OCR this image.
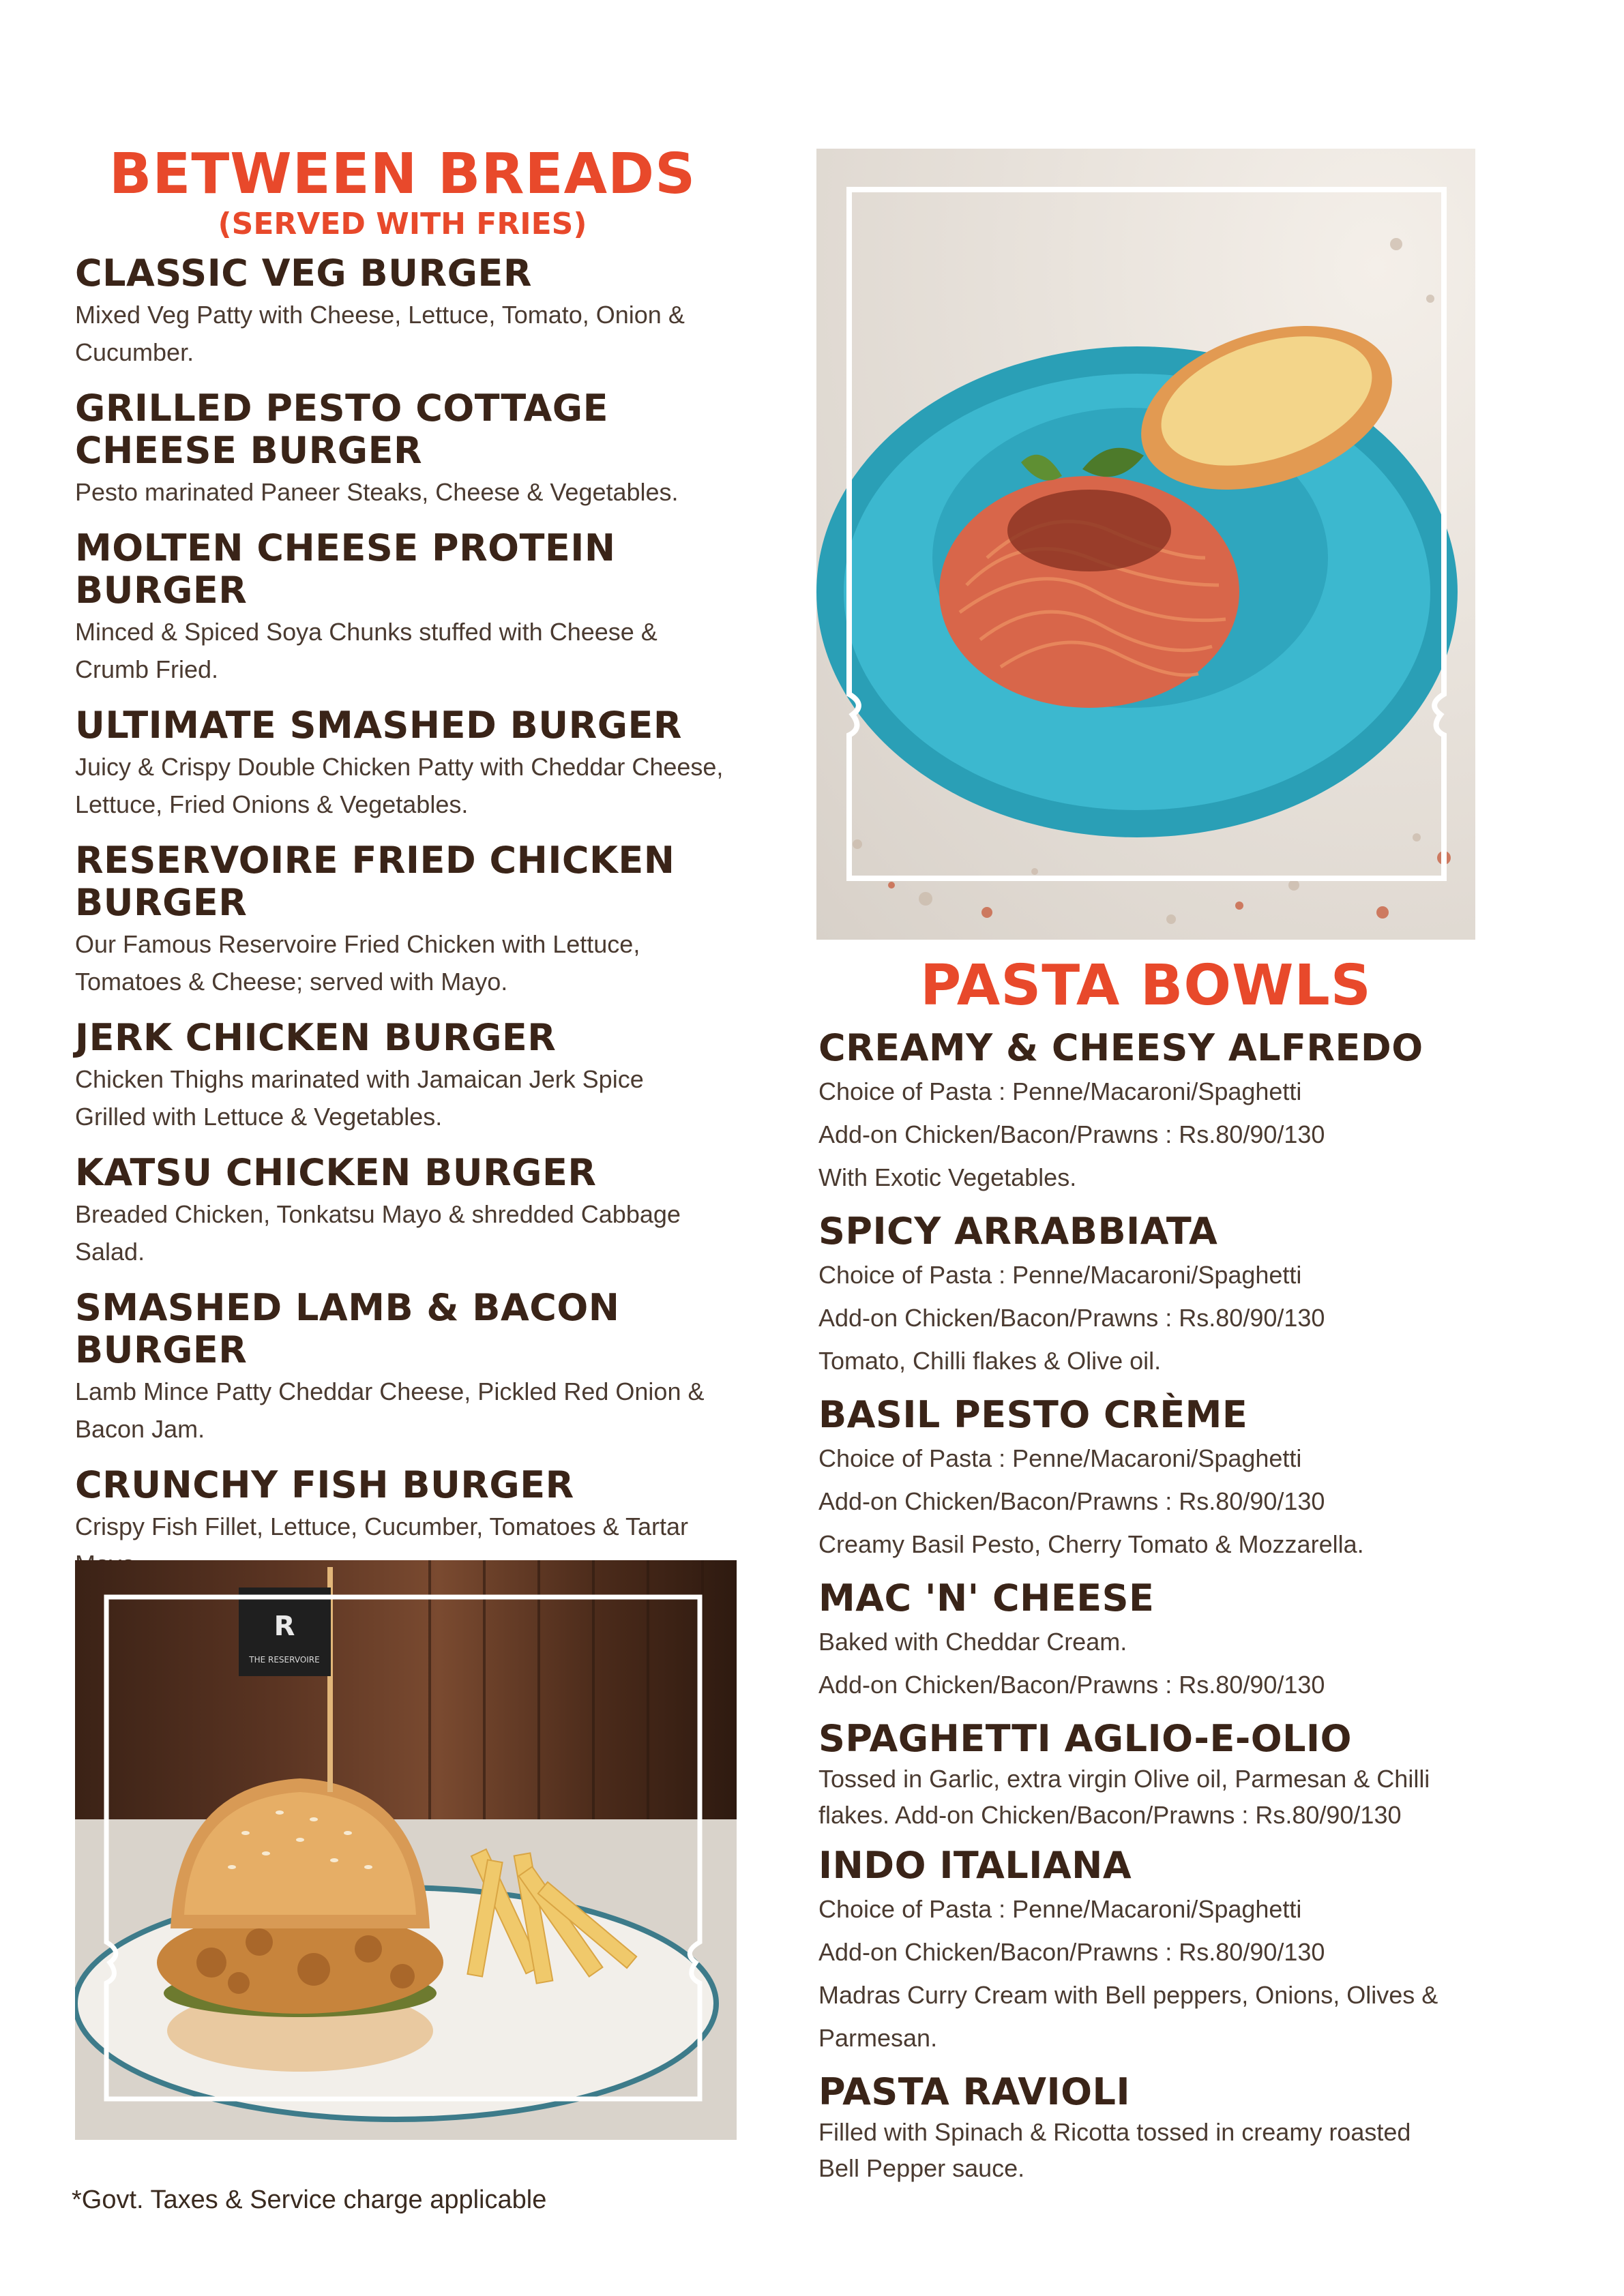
BETWEEN BREADS
(SERVED WITH FRIES)
CLASSIC VEG BURGER
Mixed Veg Patty with Cheese, Lettuce, Tomato, Onion &
Cucumber.
GRILLED PESTO COTTAGE CHEESE BURGER
Pesto marinated Paneer Steaks, Cheese & Vegetables.
MOLTEN CHEESE PROTEIN BURGER
Minced & Spiced Soya Chunks stuffed with Cheese &
Crumb Fried.
ULTIMATE SMASHED BURGER
Juicy & Crispy Double Chicken Patty with Cheddar Cheese,
Lettuce, Fried Onions & Vegetables.
RESERVOIRE FRIED CHICKEN BURGER
Our Famous Reservoire Fried Chicken with Lettuce,
Tomatoes & Cheese; served with Mayo.
JERK CHICKEN BURGER
Chicken Thighs marinated with Jamaican Jerk Spice
Grilled with Lettuce & Vegetables.
KATSU CHICKEN BURGER
Breaded Chicken, Tonkatsu Mayo & shredded Cabbage
Salad.
SMASHED LAMB & BACON BURGER
Lamb Mince Patty Cheddar Cheese, Pickled Red Onion &
Bacon Jam.
CRUNCHY FISH BURGER
Crispy Fish Fillet, Lettuce, Cucumber, Tomatoes & Tartar
PASTA BOWLS
CREAMY & CHEESY ALFREDO
Choice of Pasta : Penne/Macaroni/Spaghetti
Add-on Chicken/Bacon/Prawns : Rs.80/90/130
With Exotic Vegetables.
SPICY ARRABBIATA
Choice of Pasta : Penne/Macaroni/Spaghetti
Add-on Chicken/Bacon/Prawns : Rs.80/90/130
Tomato, Chilli flakes & Olive oil.
BASIL PESTO CRÈME
Choice of Pasta : Penne/Macaroni/Spaghetti
Add-on Chicken/Bacon/Prawns : Rs.80/90/130
Creamy Basil Pesto, Cherry Tomato & Mozzarella.
MAC 'N' CHEESE
Baked with Cheddar Cream.
Add-on Chicken/Bacon/Prawns : Rs.80/90/130
SPAGHETTI AGLIO-E-OLIO
Tossed in Garlic, extra virgin Olive oil, Parmesan & Chilli
flakes. Add-on Chicken/Bacon/Prawns : Rs.80/90/130
INDO ITALIANA
Choice of Pasta : Penne/Macaroni/Spaghetti
Add-on Chicken/Bacon/Prawns : Rs.80/90/130
Madras Curry Cream with Bell peppers, Onions, Olives &
Parmesan.
PASTA RAVIOLI
Filled with Spinach & Ricotta tossed in creamy roasted
Bell Pepper sauce.
R
THE RESERVOIRE
*Govt. Taxes & Service charge applicable
